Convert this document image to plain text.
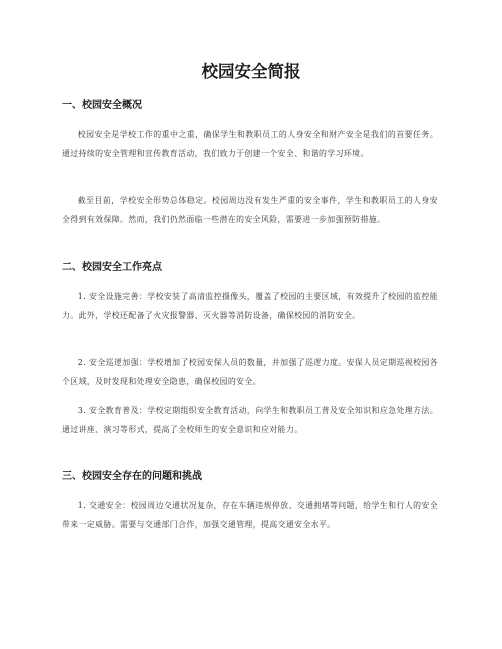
校园安全简报
一、校园安全概况

校园安全是学校工作的重中之重，确保学生和教职员工的人身安全和财产安全是我们的首要任务。通过持续的安全管理和宣传教育活动，我们致力于创建一个安全、和谐的学习环境。

截至目前，学校安全形势总体稳定。校园周边没有发生严重的安全事件，学生和教职员工的人身安全得到有效保障。然而，我们仍然面临一些潜在的安全风险，需要进一步加强预防措施。

二、校园安全工作亮点

1. 安全设施完善：学校安装了高清监控摄像头，覆盖了校园的主要区域，有效提升了校园的监控能力。此外，学校还配备了火灾报警器、灭火器等消防设备，确保校园的消防安全。

2. 安全巡逻加强：学校增加了校园安保人员的数量，并加强了巡逻力度。安保人员定期巡视校园各个区域，及时发现和处理安全隐患，确保校园的安全。

3. 安全教育普及：学校定期组织安全教育活动，向学生和教职员工普及安全知识和应急处理方法。通过讲座、演习等形式，提高了全校师生的安全意识和应对能力。

三、校园安全存在的问题和挑战

1. 交通安全：校园周边交通状况复杂，存在车辆违规停放、交通拥堵等问题，给学生和行人的安全带来一定威胁。需要与交通部门合作，加强交通管理，提高交通安全水平。
